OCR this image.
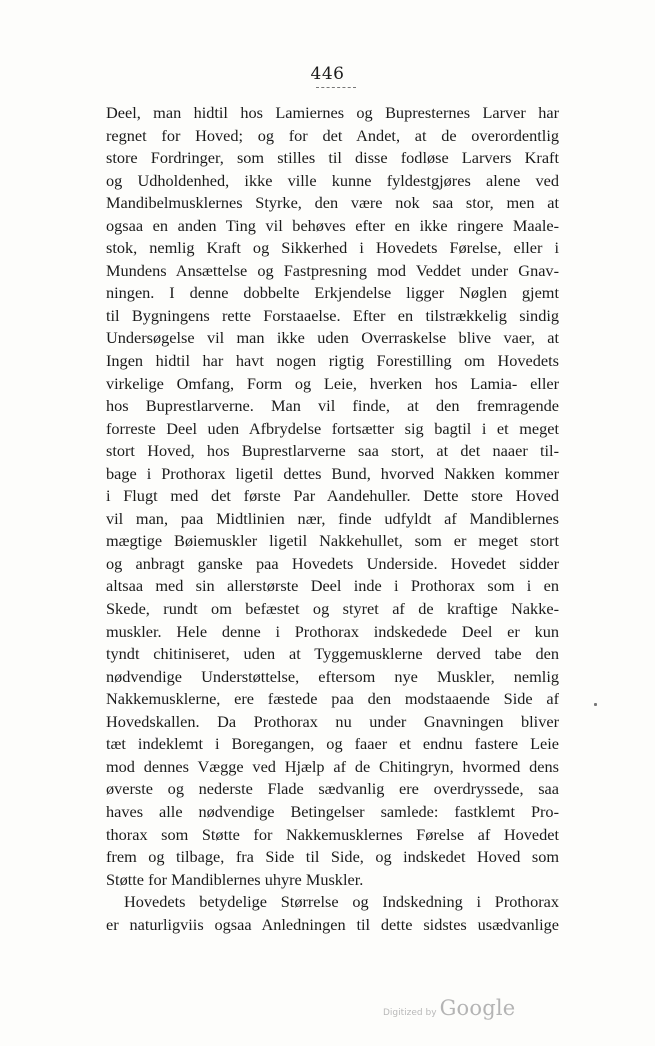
446
Deel, man hidtil hos Lamiernes og Bupresternes Larver har
regnet for Hoved; og for det Andet, at de overordentlig
store Fordringer, som stilles til disse fodløse Larvers Kraft
og Udholdenhed, ikke ville kunne fyldestgjøres alene ved
Mandibelmusklernes Styrke, den være nok saa stor, men at
ogsaa en anden Ting vil behøves efter en ikke ringere Maale-
stok, nemlig Kraft og Sikkerhed i Hovedets Førelse, eller i
Mundens Ansættelse og Fastpresning mod Veddet under Gnav-
ningen. I denne dobbelte Erkjendelse ligger Nøglen gjemt
til Bygningens rette Forstaaelse. Efter en tilstrækkelig sindig
Undersøgelse vil man ikke uden Overraskelse blive vaer, at
Ingen hidtil har havt nogen rigtig Forestilling om Hovedets
virkelige Omfang, Form og Leie, hverken hos Lamia- eller
hos Buprestlarverne. Man vil finde, at den fremragende
forreste Deel uden Afbrydelse fortsætter sig bagtil i et meget
stort Hoved, hos Buprestlarverne saa stort, at det naaer til-
bage i Prothorax ligetil dettes Bund, hvorved Nakken kommer
i Flugt med det første Par Aandehuller. Dette store Hoved
vil man, paa Midtlinien nær, finde udfyldt af Mandiblernes
mægtige Bøiemuskler ligetil Nakkehullet, som er meget stort
og anbragt ganske paa Hovedets Underside. Hovedet sidder
altsaa med sin allerstørste Deel inde i Prothorax som i en
Skede, rundt om befæstet og styret af de kraftige Nakke-
muskler. Hele denne i Prothorax indskedede Deel er kun
tyndt chitiniseret, uden at Tyggemusklerne derved tabe den
nødvendige Understøttelse, eftersom nye Muskler, nemlig
Nakkemusklerne, ere fæstede paa den modstaaende Side af
Hovedskallen. Da Prothorax nu under Gnavningen bliver
tæt indeklemt i Boregangen, og faaer et endnu fastere Leie
mod dennes Vægge ved Hjælp af de Chitingryn, hvormed dens
øverste og nederste Flade sædvanlig ere overdryssede, saa
haves alle nødvendige Betingelser samlede: fastklemt Pro-
thorax som Støtte for Nakkemusklernes Førelse af Hovedet
frem og tilbage, fra Side til Side, og indskedet Hoved som
Støtte for Mandiblernes uhyre Muskler.
Hovedets betydelige Størrelse og Indskedning i Prothorax
er naturligviis ogsaa Anledningen til dette sidstes usædvanlige
Digitized by Google
